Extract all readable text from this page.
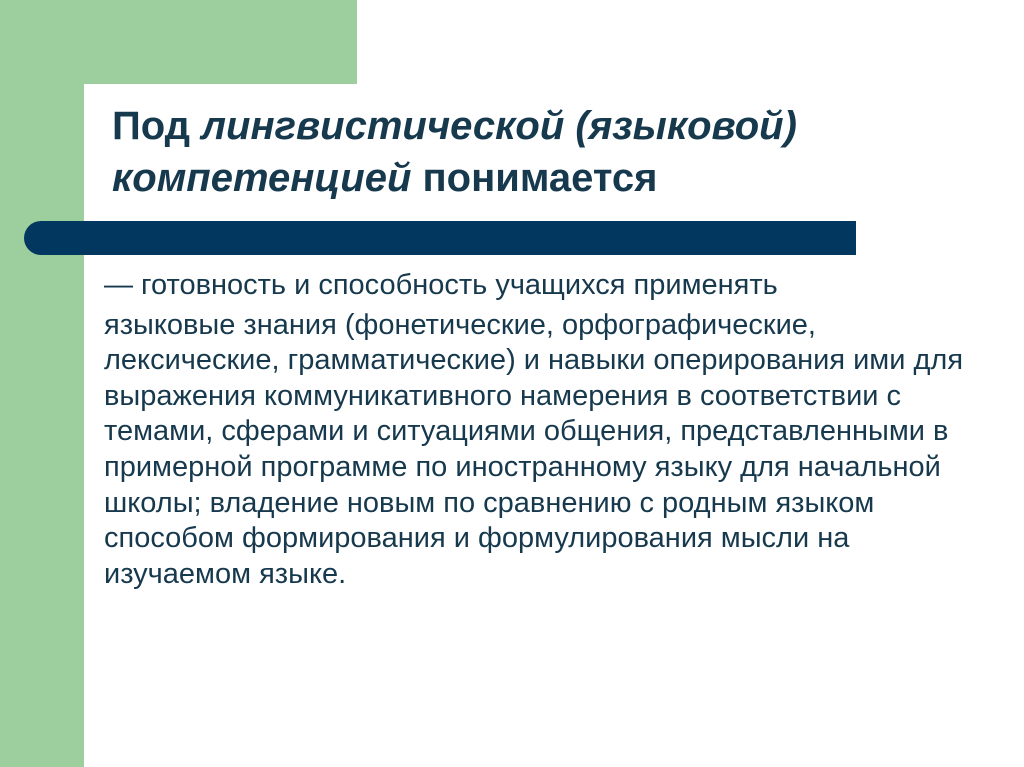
Под лингвистической (языковой) компетенцией понимается

— готовность и способность учащихся применять
языковые знания (фонетические, орфографические, лексические, грамматические) и навыки оперирования ими для выражения коммуникативного намерения в соответствии с темами, сферами и ситуациями общения, представленными в примерной программе по иностранному языку для начальной школы; владение новым по сравнению с родным языком способом формирования и формулирования мысли на изучаемом языке.
